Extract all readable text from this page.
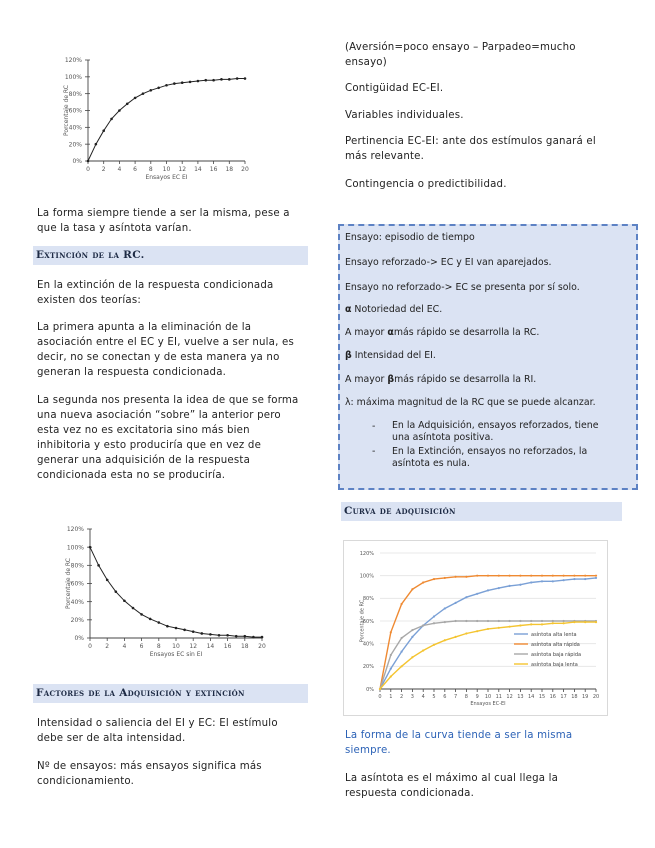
120%
100%
80%
60%
40%
20%
0%
0 2 4 6 8 10 12 14 16 18 20
Ensayos EC EI
Porcentaje de RC

La forma siempre tiende a ser la misma, pese a

que la tasa y asíntota varían.

Extinción de la RC.

En la extinción de la respuesta condicionada

existen dos teorías:

La primera apunta a la eliminación de la

asociación entre el EC y EI, vuelve a ser nula, es

decir, no se conectan y de esta manera ya no

generan la respuesta condicionada.

La segunda nos presenta la idea de que se forma

una nueva asociación “sobre” la anterior pero

esta vez no es excitatoria sino más bien

inhibitoria y esto produciría que en vez de

generar una adquisición de la respuesta

condicionada esta no se produciría.

120%
100%
80%
60%
40%
20%
0%
0 2 4 6 8 10 12 14 16 18 20
Ensayos EC sin EI
Porcentaje de RC
Factores de la Adquisición y extinción

Intensidad o saliencia del EI y EC: El estímulo

debe ser de alta intensidad.

Nº de ensayos: más ensayos significa más

condicionamiento.

(Aversión=poco ensayo – Parpadeo=mucho

ensayo)

Contigüidad EC-EI.

Variables individuales.

Pertinencia EC-EI: ante dos estímulos ganará el

más relevante.

Contingencia o predictibilidad.

Ensayo: episodio de tiempo

Ensayo reforzado-> EC y EI van aparejados.

Ensayo no reforzado-> EC se presenta por sí solo.

α Notoriedad del EC.

A mayor αmás rápido se desarrolla la RC.

β Intensidad del EI.

A mayor βmás rápido se desarrolla la RI.

λ: máxima magnitud de la RC que se puede alcanzar.

- En la Adquisición, ensayos reforzados, tiene

una asíntota positiva.

- En la Extinción, ensayos no reforzados, la

asíntota es nula.

Curva de adquisición
120%
100%
80%
60%
40%
20%
0%
0 1 2 3 4 5 6 7 8 9 10 11 12 13 14 15 16 17 18 19 20
Ensayos EC-EI
Porcentaje de RC	asíntota alta lenta
asíntota alta rápida
asíntota baja rápida
asíntota baja lenta

La forma de la curva tiende a ser la misma

siempre.

La asíntota es el máximo al cual llega la

respuesta condicionada.
